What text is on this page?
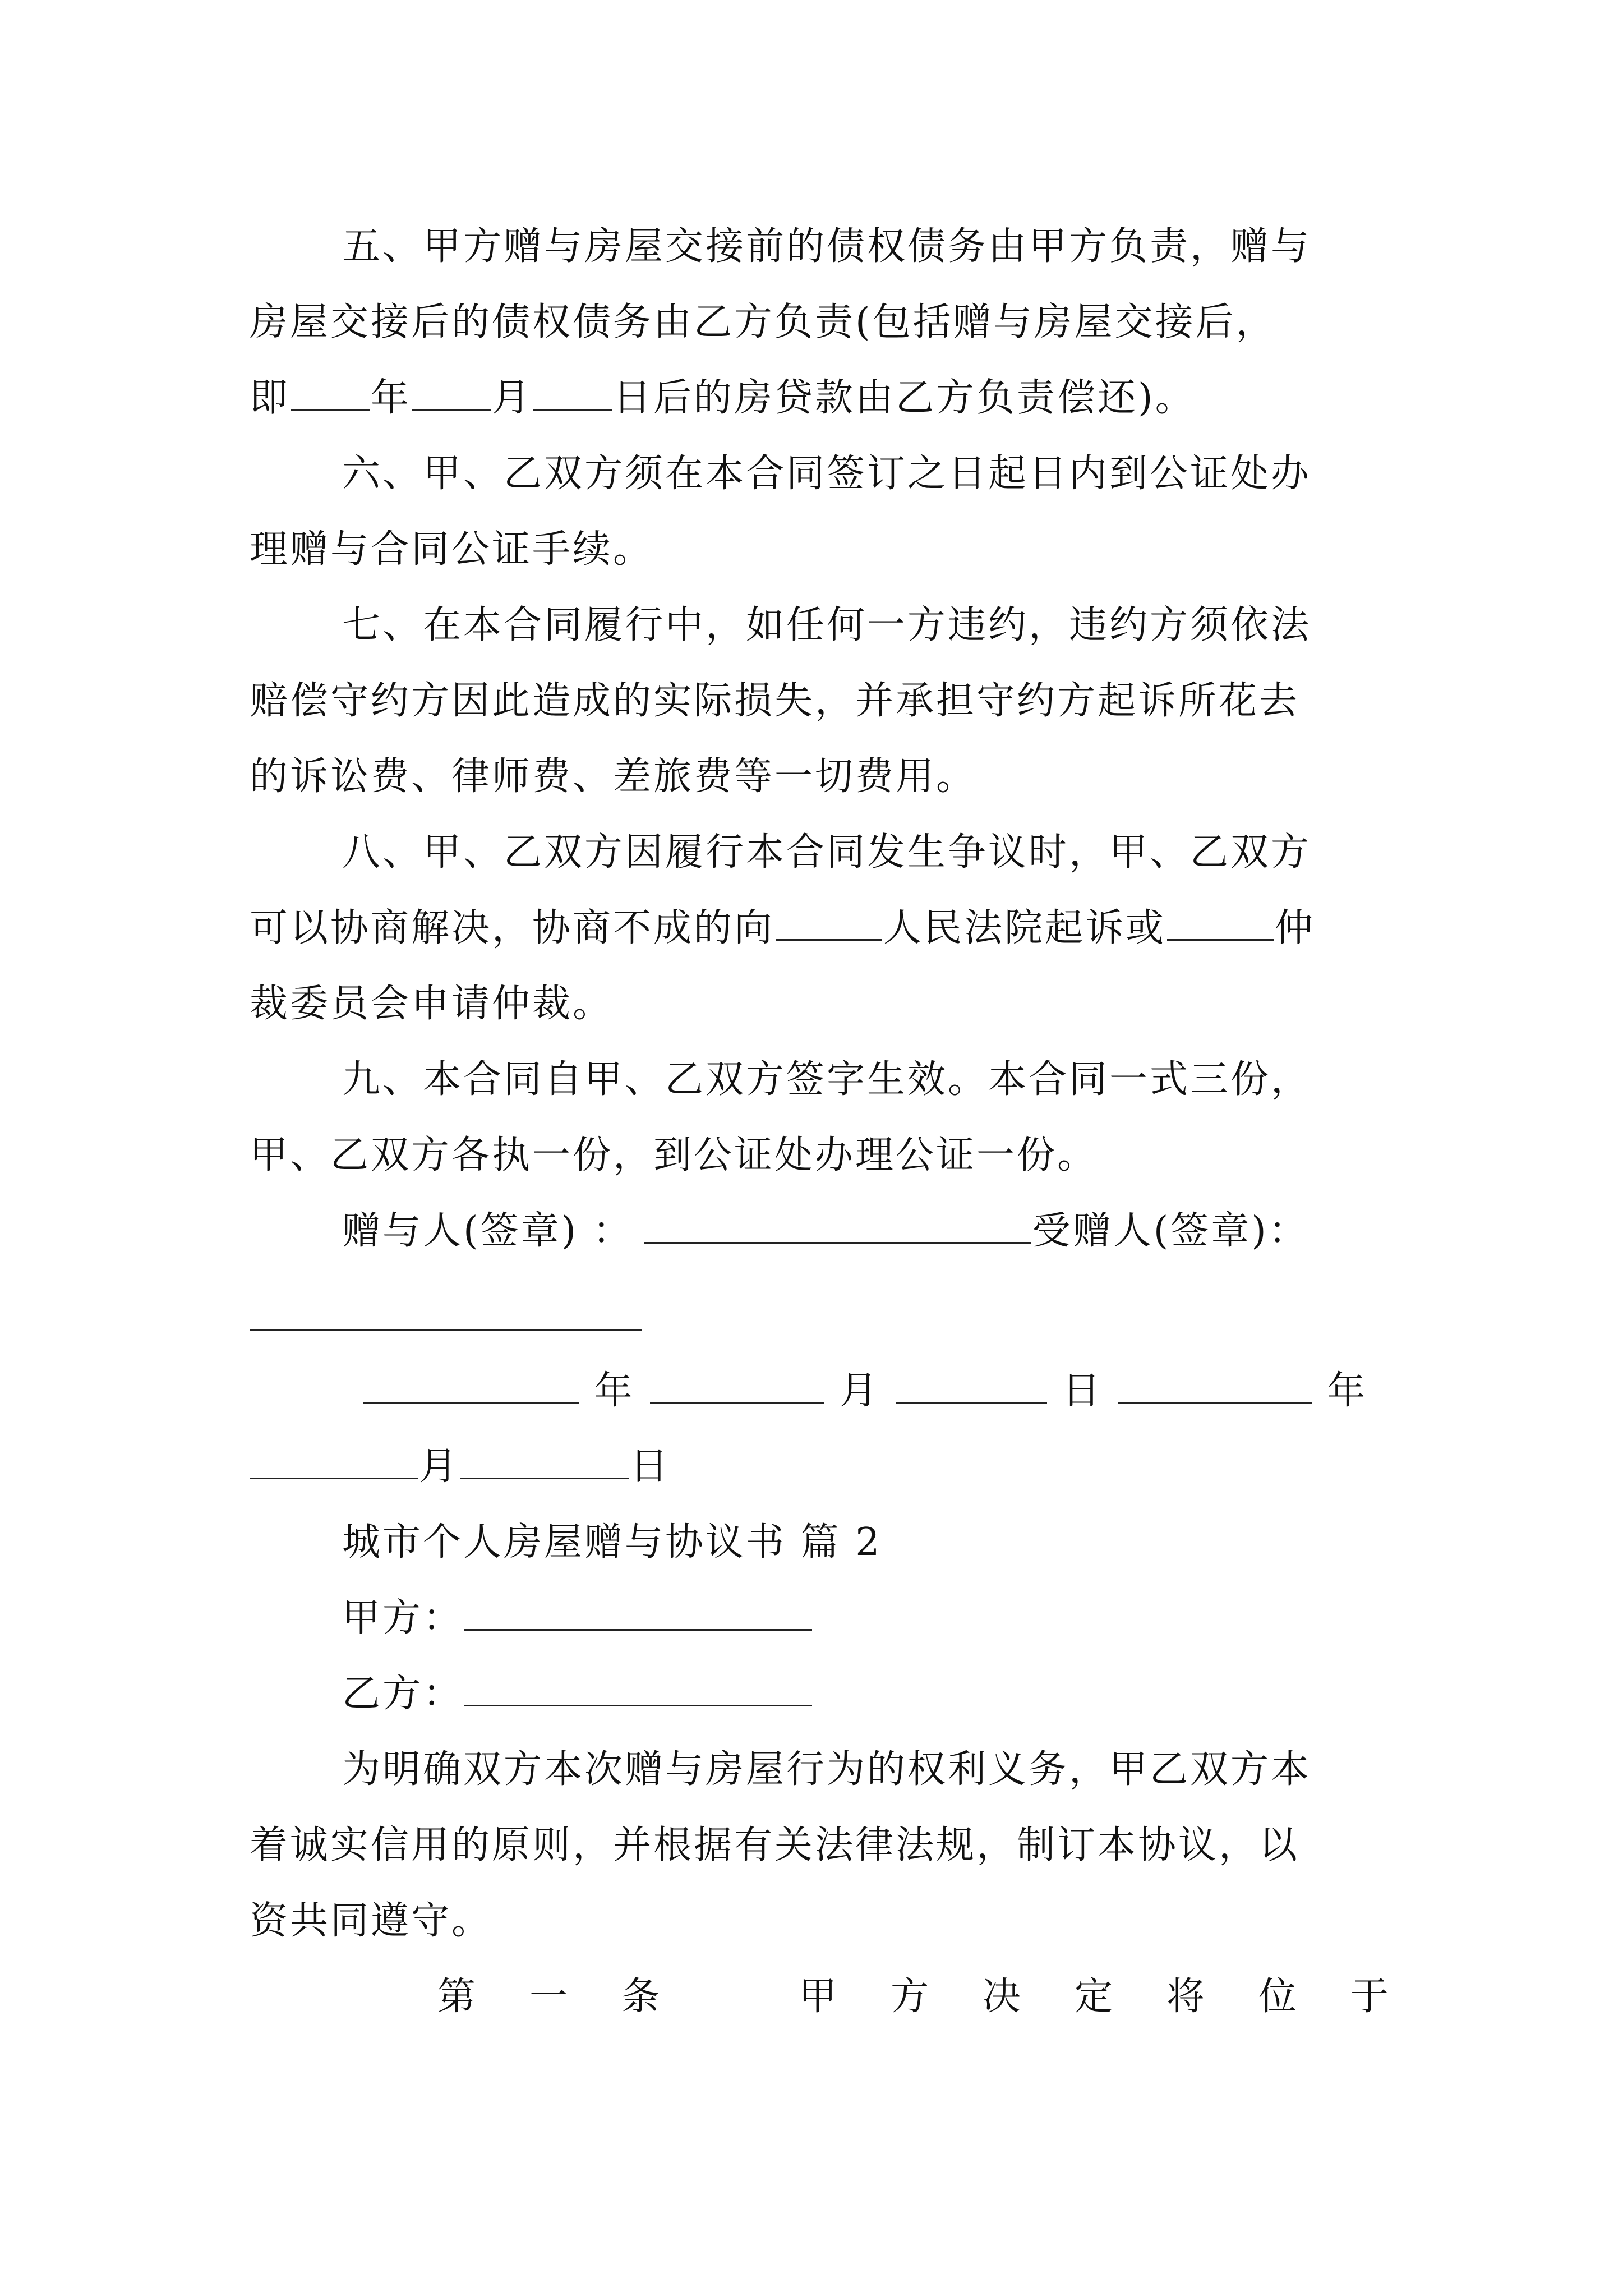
五、甲方赠与房屋交接前的债权债务由甲方负责，赠与
房屋交接后的债权债务由乙方负责(包括赠与房屋交接后，
即 年 月 日后的房贷款由乙方负责偿还)。
六、甲、乙双方须在本合同签订之日起日内到公证处办
理赠与合同公证手续。
七、在本合同履行中，如任何一方违约，违约方须依法
赔偿守约方因此造成的实际损失，并承担守约方起诉所花去
的诉讼费、律师费、差旅费等一切费用。
八、甲、乙双方因履行本合同发生争议时，甲、乙双方
可以协商解决，协商不成的向	人民法院起诉或	仲
裁委员会申请仲裁。
九、本合同自甲、乙双方签字生效。本合同一式三份，
甲、乙双方各执一份，到公证处办理公证一份。
赠与人(签章) ：	受赠人(签章)：
年	月	日	年
月	日
城市个人房屋赠与协议书 篇 2
甲方：
乙方：
为明确双方本次赠与房屋行为的权利义务，甲乙双方本
着诚实信用的原则，并根据有关法律法规，制订本协议，以
资共同遵守。
第 一 条	甲 方 决 定 将 位 于
